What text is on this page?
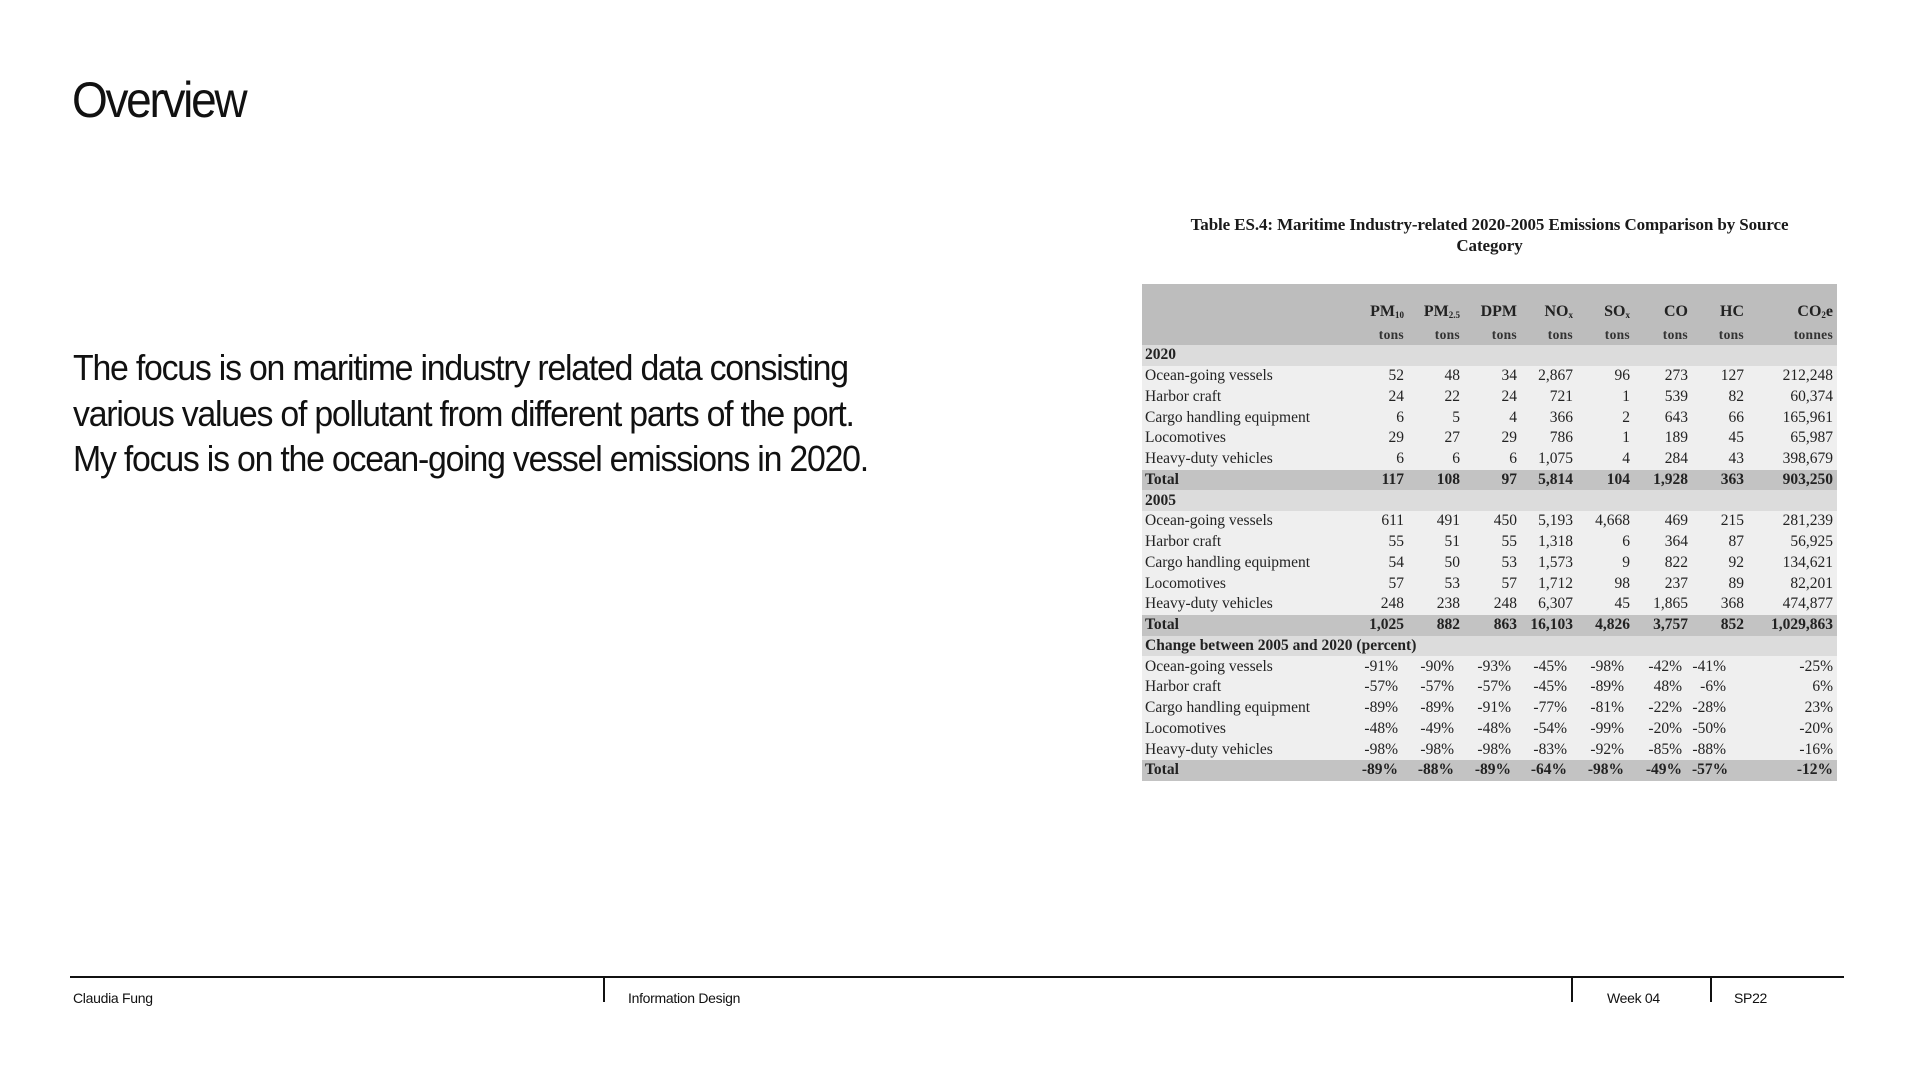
Overview

The focus is on maritime industry related data consisting
various values of pollutant from different parts of the port.
My focus is on the ocean-going vessel emissions in 2020.

Table ES.4: Maritime Industry-related 2020-2005 Emissions Comparison by Source
Category

	$PM_{10}$	$PM_{2.5}$	DPM	$NO_x$	$SO_x$	CO	HC	$CO_2e$
	tons	tons	tons	tons	tons	tons	tons	tonnes
2020								
Ocean-going vessels	52	48	34	2,867	96	273	127	212,248
Harbor craft	24	22	24	721	1	539	82	60,374
Cargo handling equipment	6	5	4	366	2	643	66	165,961
Locomotives	29	27	29	786	1	189	45	65,987
Heavy-duty vehicles	6	6	6	1,075	4	284	43	398,679
Total	117	108	97	5,814	104	1,928	363	903,250
2005								
Ocean-going vessels	611	491	450	5,193	4,668	469	215	281,239
Harbor craft	55	51	55	1,318	6	364	87	56,925
Cargo handling equipment	54	50	53	1,573	9	822	92	134,621
Locomotives	57	53	57	1,712	98	237	89	82,201
Heavy-duty vehicles	248	238	248	6,307	45	1,865	368	474,877
Total	1,025	882	863	16,103	4,826	3,757	852	1,029,863
Change between 2005 and 2020 (percent)								
Ocean-going vessels	-91%	-90%	-93%	-45%	-98%	-42%	-41%	-25%
Harbor craft	-57%	-57%	-57%	-45%	-89%	48%	-6%	6%
Cargo handling equipment	-89%	-89%	-91%	-77%	-81%	-22%	-28%	23%
Locomotives	-48%	-49%	-48%	-54%	-99%	-20%	-50%	-20%
Heavy-duty vehicles	-98%	-98%	-98%	-83%	-92%	-85%	-88%	-16%
Total	-89%	-88%	-89%	-64%	-98%	-49%	-57%	-12%
Claudia Fung	Information Design	Week 04	SP22
